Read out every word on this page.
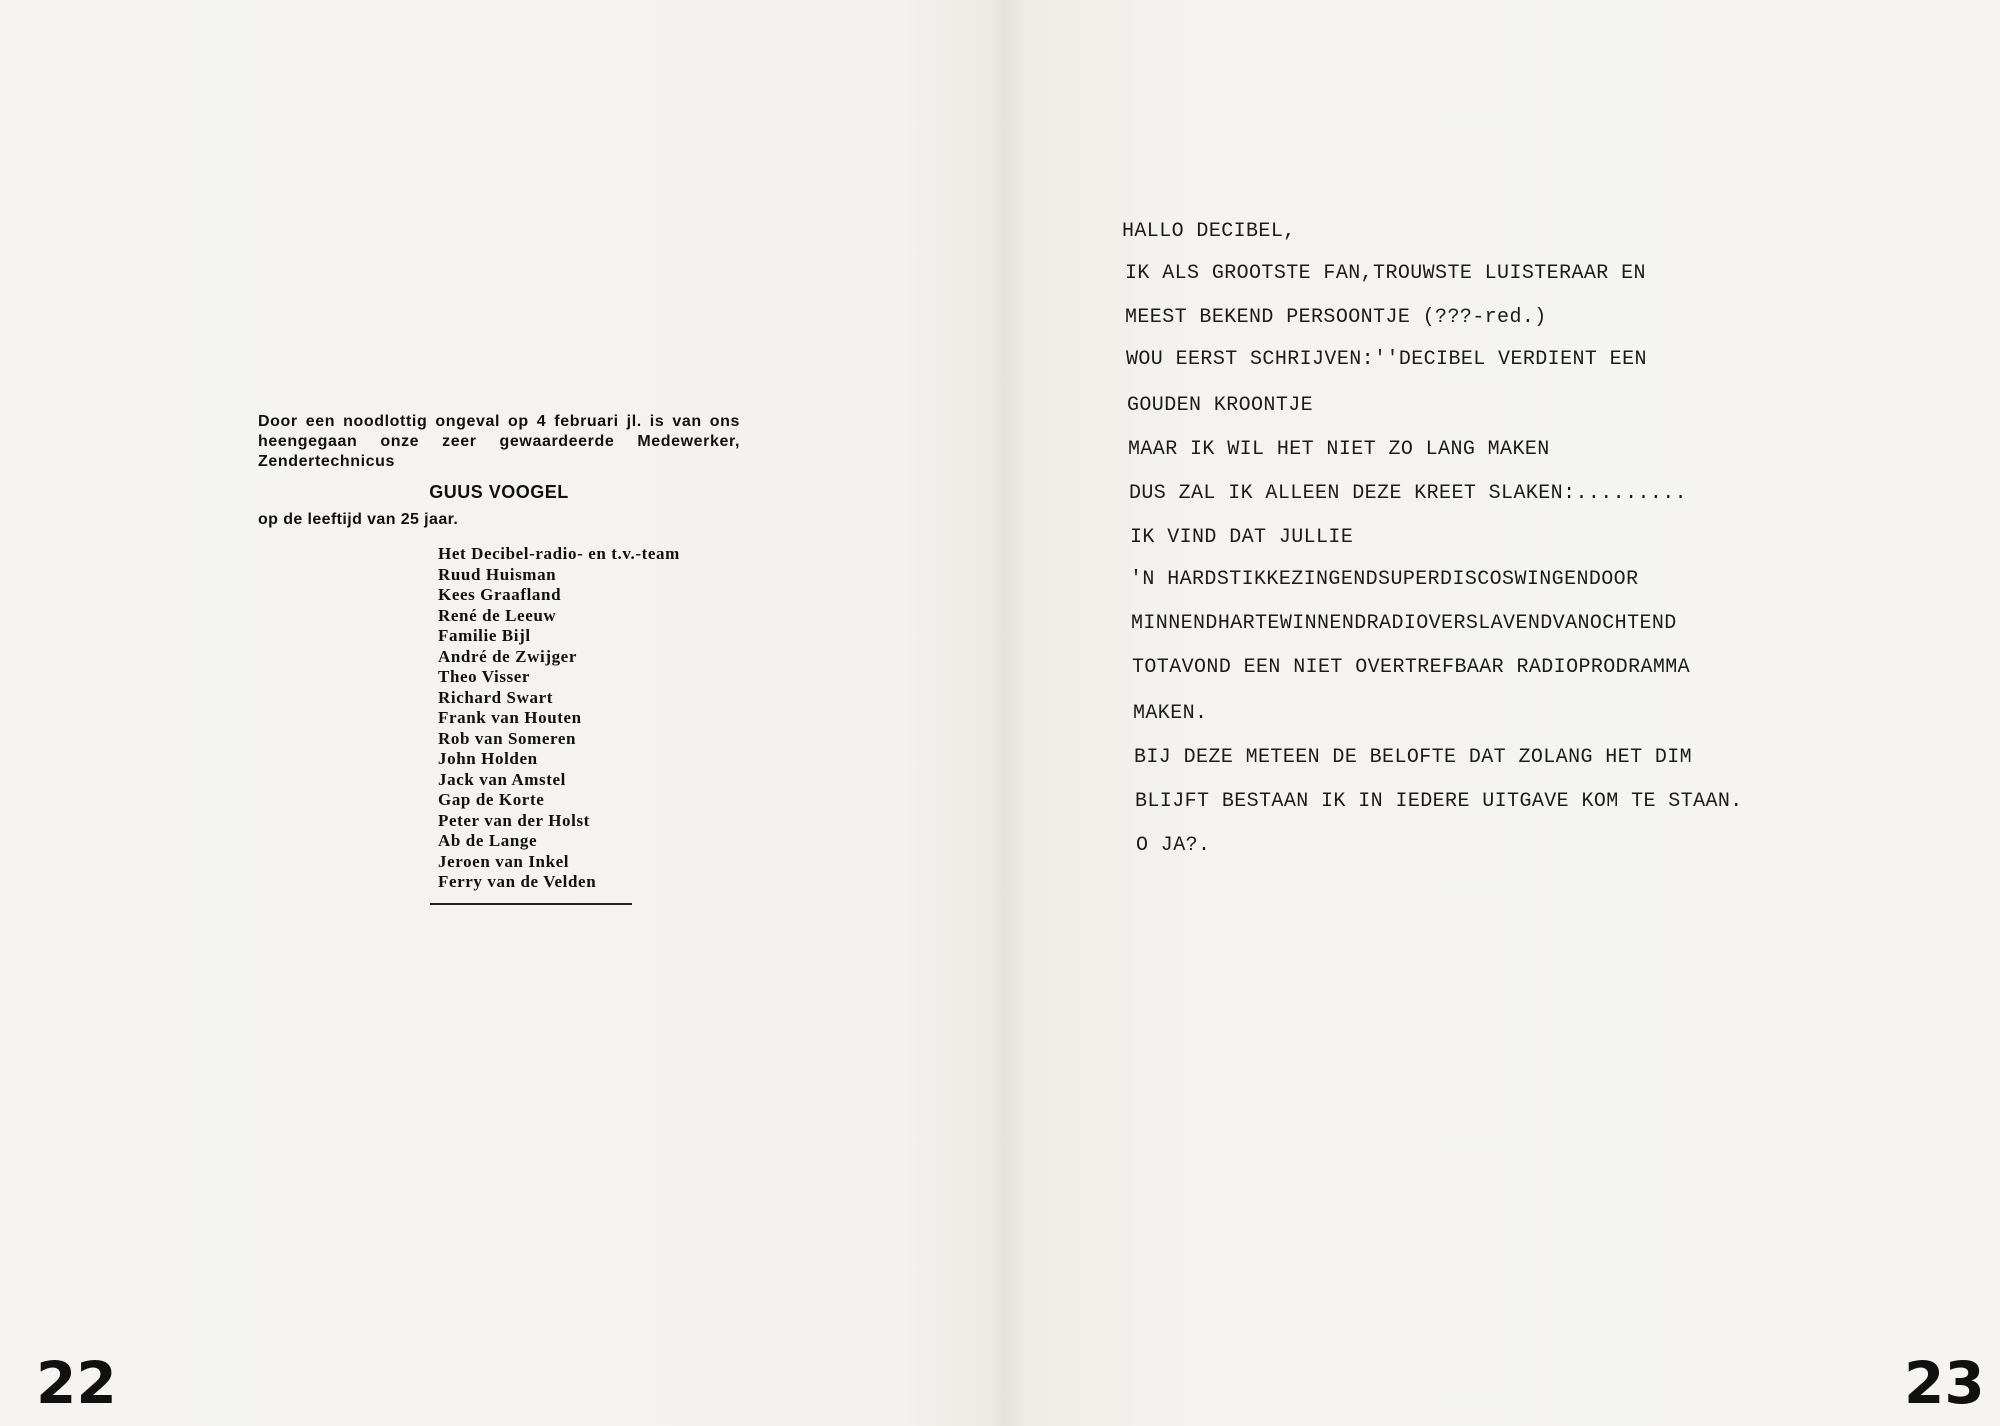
Door een noodlottig ongeval op 4 februari jl. is van ons heengegaan onze zeer gewaardeerde Medewerker, Zendertechnicus
GUUS VOOGEL
op de leeftijd van 25 jaar.
Het Decibel-radio- en t.v.-team
Ruud Huisman
Kees Graafland
René de Leeuw
Familie Bijl
André de Zwijger
Theo Visser
Richard Swart
Frank van Houten
Rob van Someren
John Holden
Jack van Amstel
Gap de Korte
Peter van der Holst
Ab de Lange
Jeroen van Inkel
Ferry van de Velden
22	23
HALLO DECIBEL,
IK ALS GROOTSTE FAN,TROUWSTE LUISTERAAR EN
MEEST BEKEND PERSOONTJE (???-red.)
WOU EERST SCHRIJVEN:''DECIBEL VERDIENT EEN
GOUDEN KROONTJE
MAAR IK WIL HET NIET ZO LANG MAKEN
DUS ZAL IK ALLEEN DEZE KREET SLAKEN:.........
IK VIND DAT JULLIE
'N HARDSTIKKEZINGENDSUPERDISCOSWINGENDOOR
MINNENDHARTEWINNENDRADIOVERSLAVENDVANOCHTEND
TOTAVOND EEN NIET OVERTREFBAAR RADIOPRODRAMMA
MAKEN.
BIJ DEZE METEEN DE BELOFTE DAT ZOLANG HET DIM
BLIJFT BESTAAN IK IN IEDERE UITGAVE KOM TE STAAN.
O JA?.
